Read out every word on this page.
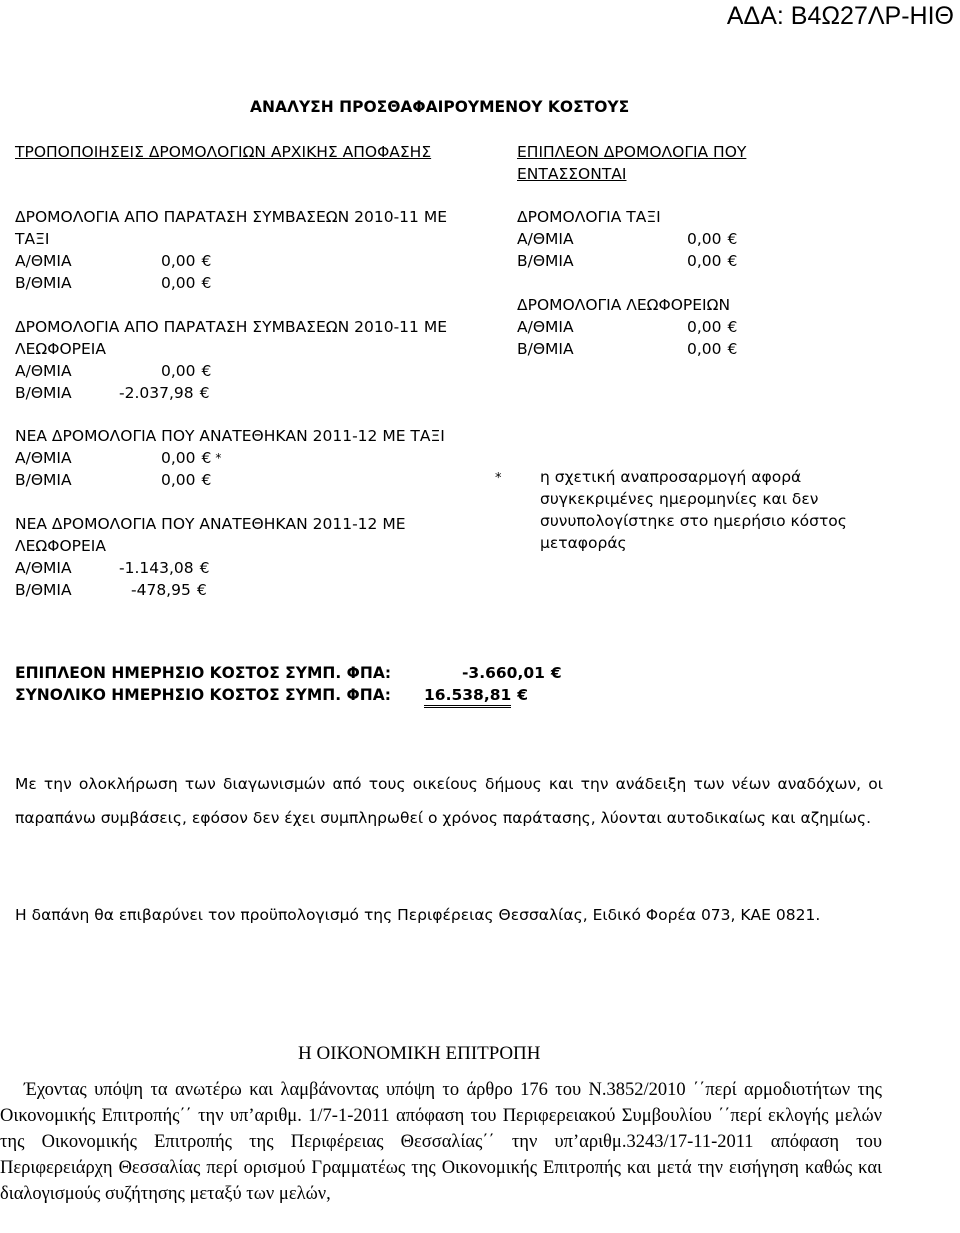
ΑΔΑ: Β4Ω27ΛΡ-ΗΙΘ
ΑΝΑΛΥΣΗ ΠΡΟΣΘΑΦΑΙΡΟΥΜΕΝΟΥ ΚΟΣΤΟΥΣ
ΤΡΟΠΟΠΟΙΗΣΕΙΣ ΔΡΟΜΟΛΟΓΙΩΝ ΑΡΧΙΚΗΣ ΑΠΟΦΑΣΗΣ	ΕΠΙΠΛΕΟΝ ΔΡΟΜΟΛΟΓΙΑ ΠΟΥ
ΕΝΤΑΣΣΟΝΤΑΙ
ΔΡΟΜΟΛΟΓΙΑ ΑΠΟ ΠΑΡΑΤΑΣΗ ΣΥΜΒΑΣΕΩΝ 2010-11 ΜΕ
ΤΑΞΙ
Α/ΘΜΙΑ	0,00 €
Β/ΘΜΙΑ	0,00 €
ΔΡΟΜΟΛΟΓΙΑ ΑΠΟ ΠΑΡΑΤΑΣΗ ΣΥΜΒΑΣΕΩΝ 2010-11 ΜΕ
ΛΕΩΦΟΡΕΙΑ
Α/ΘΜΙΑ	0,00 €
Β/ΘΜΙΑ	-2.037,98 €
ΝΕΑ ΔΡΟΜΟΛΟΓΙΑ ΠΟΥ ΑΝΑΤΕΘΗΚΑΝ 2011-12 ΜΕ ΤΑΞΙ
Α/ΘΜΙΑ	0,00 € *
Β/ΘΜΙΑ	0,00 €
ΝΕΑ ΔΡΟΜΟΛΟΓΙΑ ΠΟΥ ΑΝΑΤΕΘΗΚΑΝ 2011-12 ΜΕ
ΛΕΩΦΟΡΕΙΑ
Α/ΘΜΙΑ	-1.143,08 €
Β/ΘΜΙΑ	-478,95 €
ΔΡΟΜΟΛΟΓΙΑ ΤΑΞΙ
Α/ΘΜΙΑ	0,00 €
Β/ΘΜΙΑ	0,00 €
ΔΡΟΜΟΛΟΓΙΑ ΛΕΩΦΟΡΕΙΩΝ
Α/ΘΜΙΑ	0,00 €
Β/ΘΜΙΑ	0,00 €
*	η σχετική αναπροσαρμογή αφορά συγκεκριμένες ημερομηνίες και δεν συνυπολογίστηκε στο ημερήσιο κόστος μεταφοράς
ΕΠΙΠΛΕΟΝ ΗΜΕΡΗΣΙΟ ΚΟΣΤΟΣ ΣΥΜΠ. ΦΠΑ:	-3.660,01 €
ΣΥΝΟΛΙΚΟ ΗΜΕΡΗΣΙΟ ΚΟΣΤΟΣ ΣΥΜΠ. ΦΠΑ: 16.538,81 €
Με την ολοκλήρωση των διαγωνισμών από τους οικείους δήμους και την ανάδειξη των νέων αναδόχων, οι παραπάνω συμβάσεις, εφόσον δεν έχει συμπληρωθεί ο χρόνος παράτασης, λύονται αυτοδικαίως και αζημίως.
Η δαπάνη θα επιβαρύνει τον προϋπολογισμό της Περιφέρειας Θεσσαλίας, Ειδικό Φορέα 073, ΚΑΕ 0821.
Η ΟΙΚΟΝΟΜΙΚΗ ΕΠΙΤΡΟΠΗ
Έχοντας υπόψη τα ανωτέρω και λαμβάνοντας υπόψη το άρθρο 176 του Ν.3852/2010 ΄΄περί αρμοδιοτήτων της Οικονομικής Επιτροπής΄΄ την υπ’αριθμ. 1/7-1-2011 απόφαση του Περιφερειακού Συμβουλίου ΄΄περί εκλογής μελών της Οικονομικής Επιτροπής της Περιφέρειας Θεσσαλίας΄΄ την υπ’αριθμ.3243/17-11-2011 απόφαση του Περιφερειάρχη Θεσσαλίας περί ορισμού Γραμματέως της Οικονομικής Επιτροπής και μετά την εισήγηση καθώς και διαλογισμούς συζήτησης μεταξύ των μελών,
